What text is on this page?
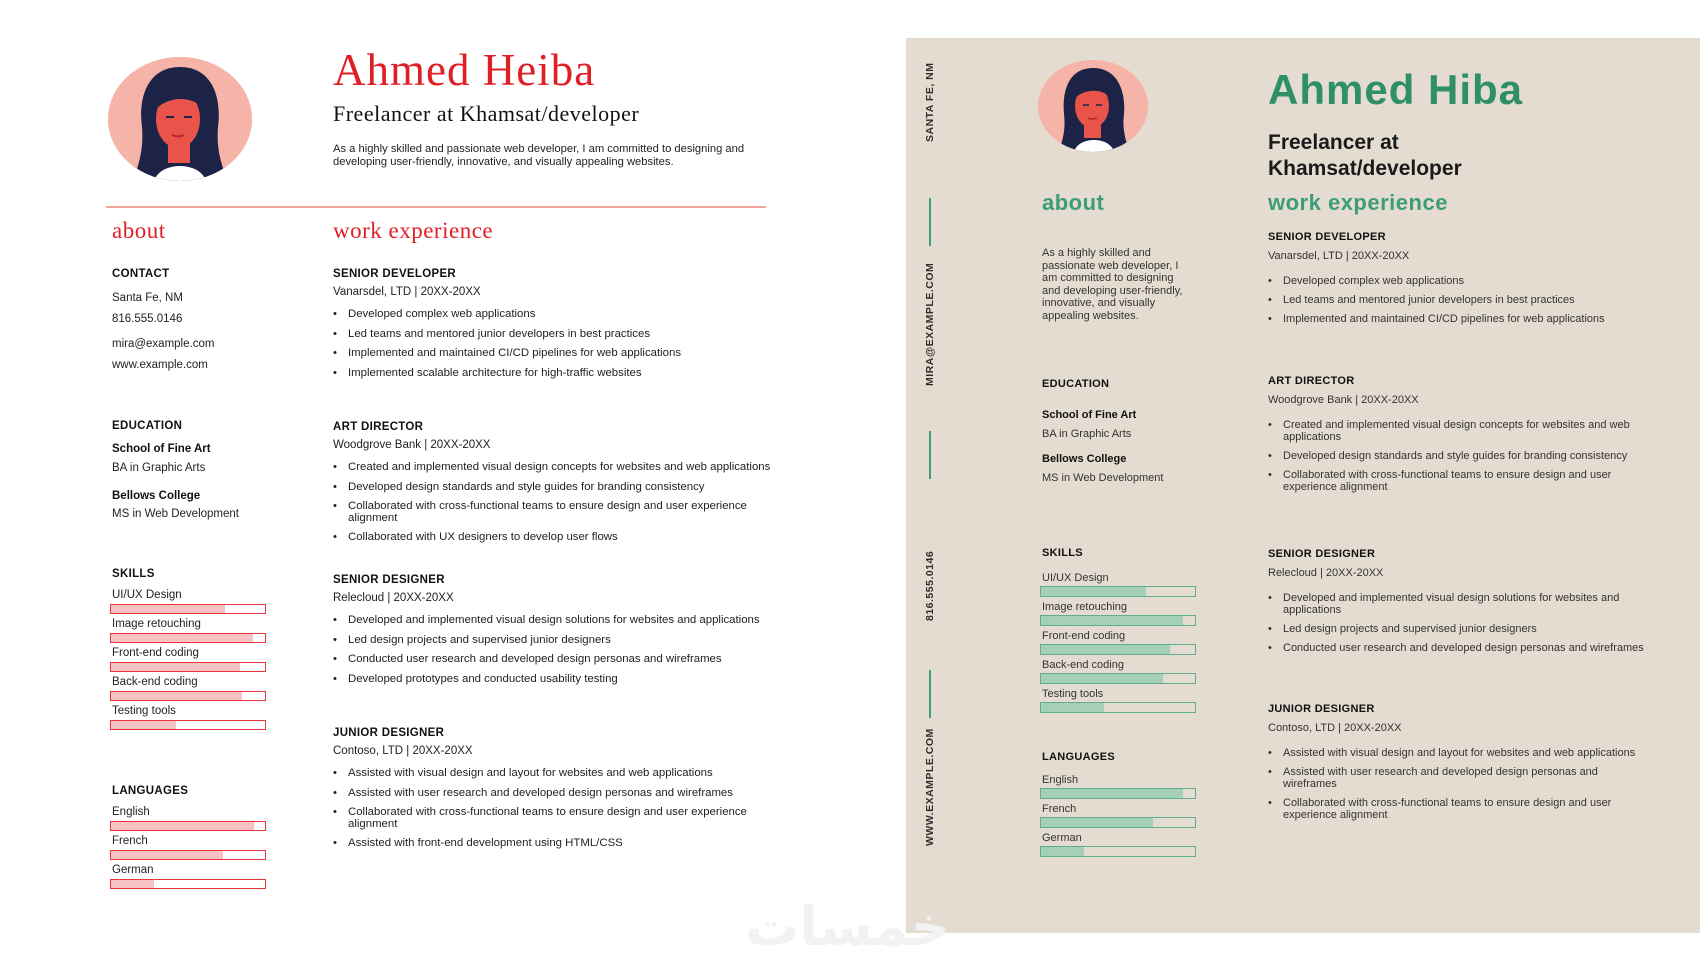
Ahmed Heiba
Freelancer at Khamsat/developer
As a highly skilled and passionate web developer, I am committed to designing and developing user-friendly, innovative, and visually appealing websites.
about	work experience
CONTACT
Santa Fe, NM
816.555.0146
mira@example.com
www.example.com
EDUCATION
School of Fine Art
BA in Graphic Arts
Bellows College
MS in Web Development
SKILLS
UI/UX Design
Image retouching
Front-end coding
Back-end coding
Testing tools
LANGUAGES
English
French
German
SENIOR DEVELOPER
Vanarsdel, LTD | 20XX-20XX
• Developed complex web applications
• Led teams and mentored junior developers in best practices
• Implemented and maintained CI/CD pipelines for web applications
• Implemented scalable architecture for high-traffic websites
ART DIRECTOR
Woodgrove Bank | 20XX-20XX
• Created and implemented visual design concepts for websites and web applications
• Developed design standards and style guides for branding consistency
• Collaborated with cross-functional teams to ensure design and user experience alignment
• Collaborated with UX designers to develop user flows
SENIOR DESIGNER
Relecloud | 20XX-20XX
• Developed and implemented visual design solutions for websites and applications
• Led design projects and supervised junior designers
• Conducted user research and developed design personas and wireframes
• Developed prototypes and conducted usability testing
JUNIOR DESIGNER
Contoso, LTD | 20XX-20XX
• Assisted with visual design and layout for websites and web applications
• Assisted with user research and developed design personas and wireframes
• Collaborated with cross-functional teams to ensure design and user experience alignment
• Assisted with front-end development using HTML/CSS
SANTA FE, NM
MIRA@EXAMPLE.COM
816.555.0146
WWW.EXAMPLE.COM
Ahmed Hiba
Freelancer at Khamsat/developer
about	work experience
As a highly skilled and passionate web developer, I am committed to designing and developing user-friendly, innovative, and visually appealing websites.
EDUCATION
School of Fine Art
BA in Graphic Arts
Bellows College
MS in Web Development
SKILLS
UI/UX Design
Image retouching
Front-end coding
Back-end coding
Testing tools
LANGUAGES
English
French
German
SENIOR DEVELOPER
Vanarsdel, LTD | 20XX-20XX
• Developed complex web applications
• Led teams and mentored junior developers in best practices
• Implemented and maintained CI/CD pipelines for web applications
ART DIRECTOR
Woodgrove Bank | 20XX-20XX
• Created and implemented visual design concepts for websites and web applications
• Developed design standards and style guides for branding consistency
• Collaborated with cross-functional teams to ensure design and user experience alignment
SENIOR DESIGNER
Relecloud | 20XX-20XX
• Developed and implemented visual design solutions for websites and applications
• Led design projects and supervised junior designers
• Conducted user research and developed design personas and wireframes
JUNIOR DESIGNER
Contoso, LTD | 20XX-20XX
• Assisted with visual design and layout for websites and web applications
• Assisted with user research and developed design personas and wireframes
• Collaborated with cross-functional teams to ensure design and user experience alignment
خمسات
